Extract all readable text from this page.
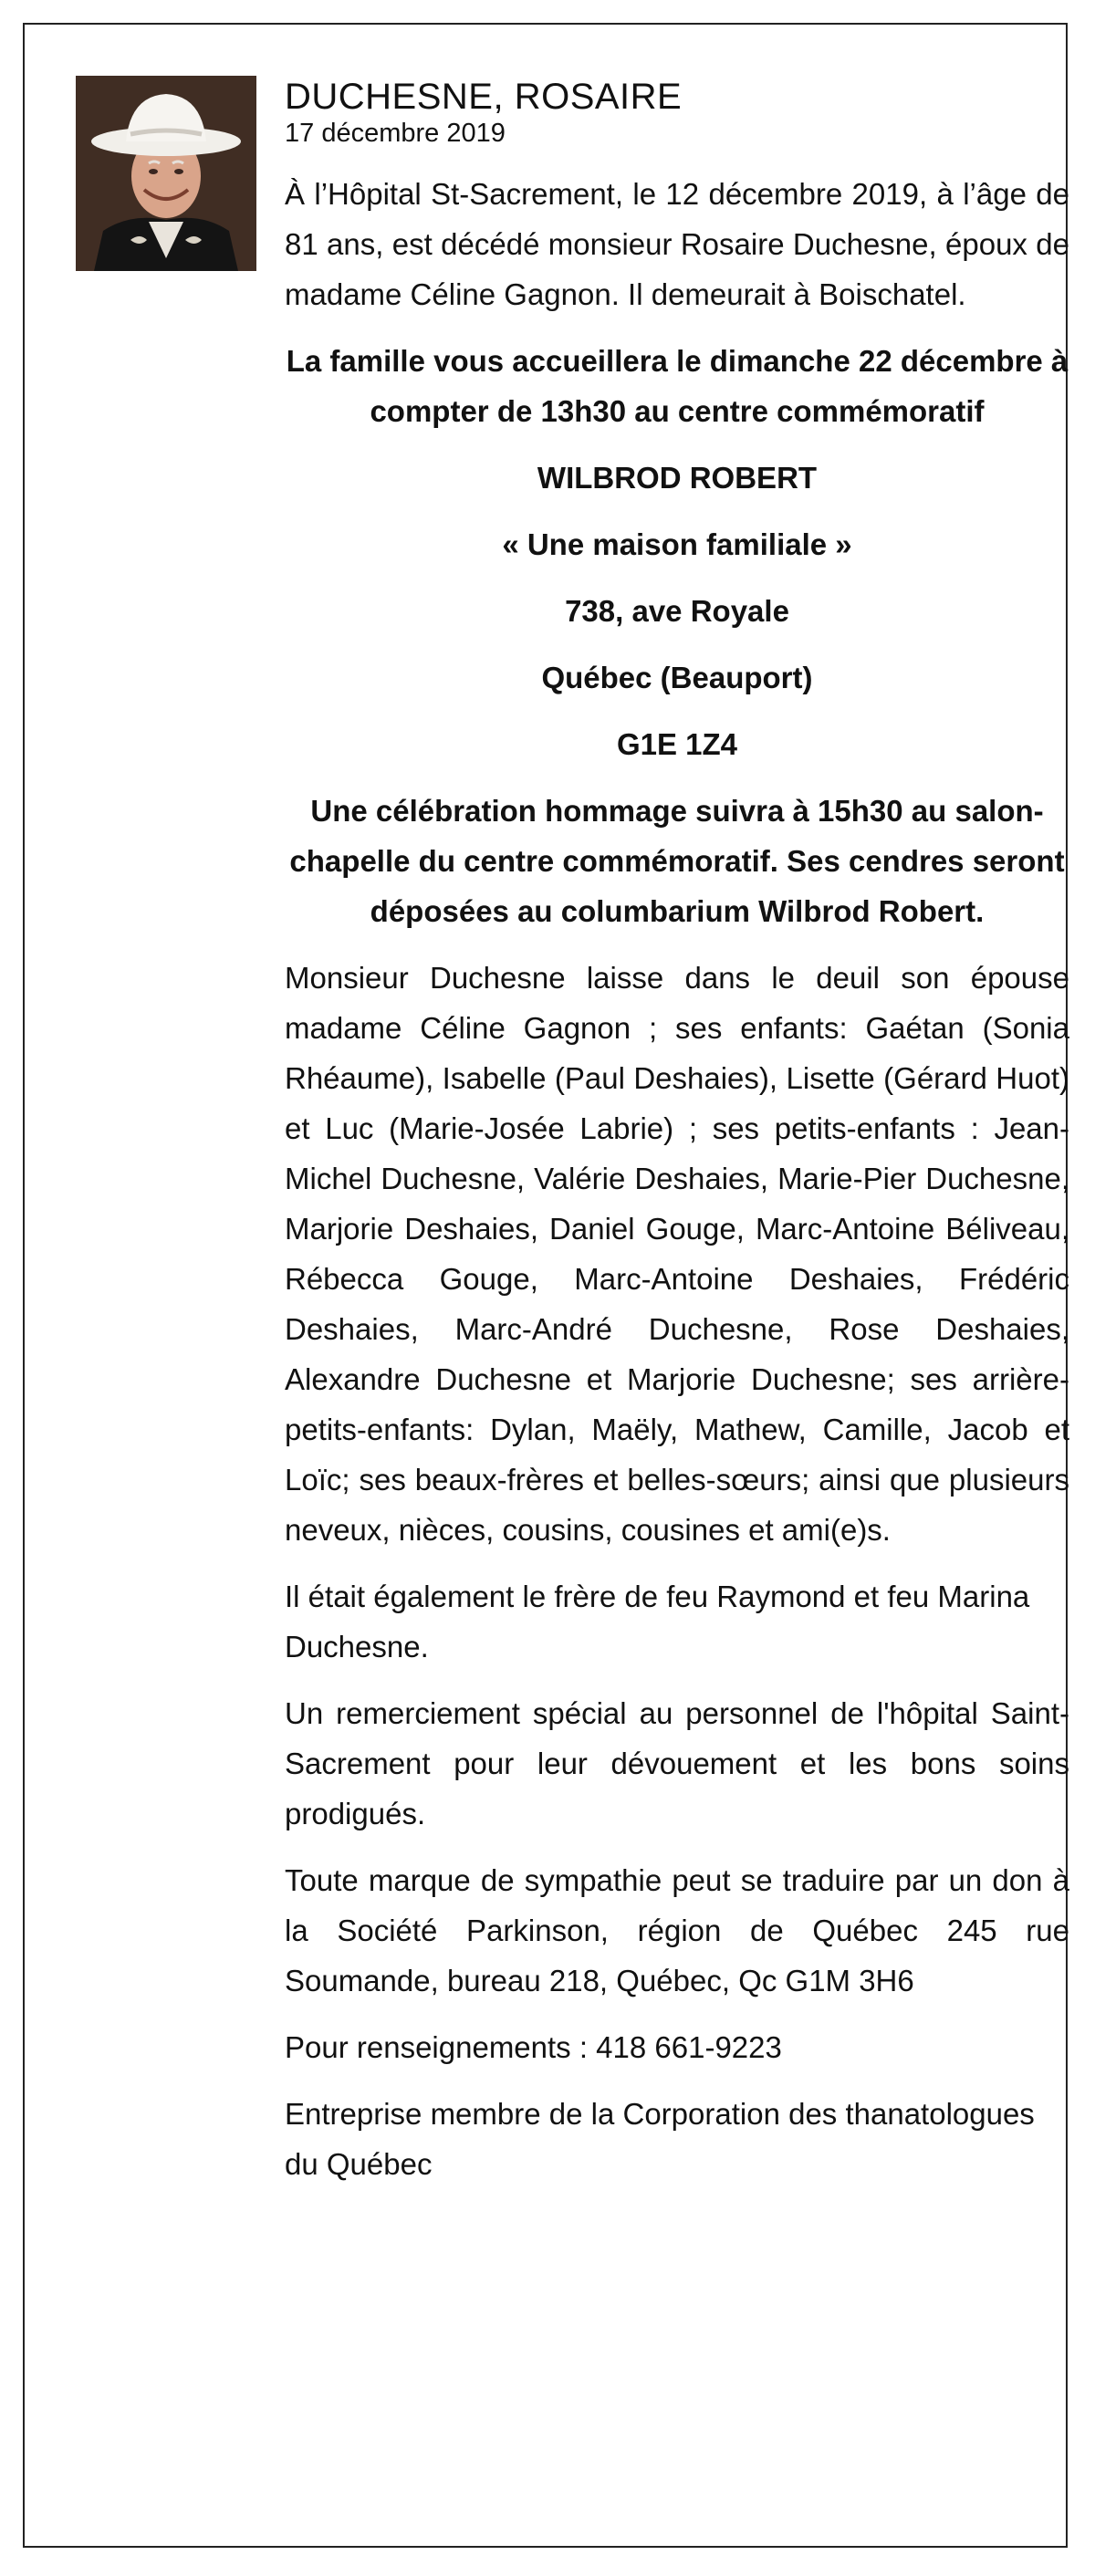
DUCHESNE, ROSAIRE
17 décembre 2019

À l’Hôpital St-Sacrement, le 12 décembre 2019, à l’âge de 81 ans, est décédé monsieur Rosaire Duchesne, époux de madame Céline Gagnon. Il demeurait à Boischatel.

La famille vous accueillera le dimanche 22 décembre à compter de 13h30 au centre commémoratif

WILBROD ROBERT

« Une maison familiale »

738, ave Royale

Québec (Beauport)

G1E 1Z4

Une célébration hommage suivra à 15h30 au salon-chapelle du centre commémoratif. Ses cendres seront déposées au columbarium Wilbrod Robert.

Monsieur Duchesne laisse dans le deuil son épouse madame Céline Gagnon ; ses enfants: Gaétan (Sonia Rhéaume), Isabelle (Paul Deshaies), Lisette (Gérard Huot) et Luc (Marie-Josée Labrie) ; ses petits-enfants : Jean-Michel Duchesne, Valérie Deshaies, Marie-Pier Duchesne, Marjorie Deshaies, Daniel Gouge, Marc-Antoine Béliveau, Rébecca Gouge, Marc-Antoine Deshaies, Frédéric Deshaies, Marc-André Duchesne, Rose Deshaies, Alexandre Duchesne et Marjorie Duchesne; ses arrière-petits-enfants: Dylan, Maëly, Mathew, Camille, Jacob et Loïc; ses beaux-frères et belles-sœurs; ainsi que plusieurs neveux, nièces, cousins, cousines et ami(e)s.

Il était également le frère de feu Raymond et feu Marina Duchesne.

Un remerciement spécial au personnel de l'hôpital Saint-Sacrement pour leur dévouement et les bons soins prodigués.

Toute marque de sympathie peut se traduire par un don à la Société Parkinson, région de Québec 245 rue Soumande, bureau 218, Québec, Qc G1M 3H6

Pour renseignements : 418 661-9223

Entreprise membre de la Corporation des thanatologues du Québec
